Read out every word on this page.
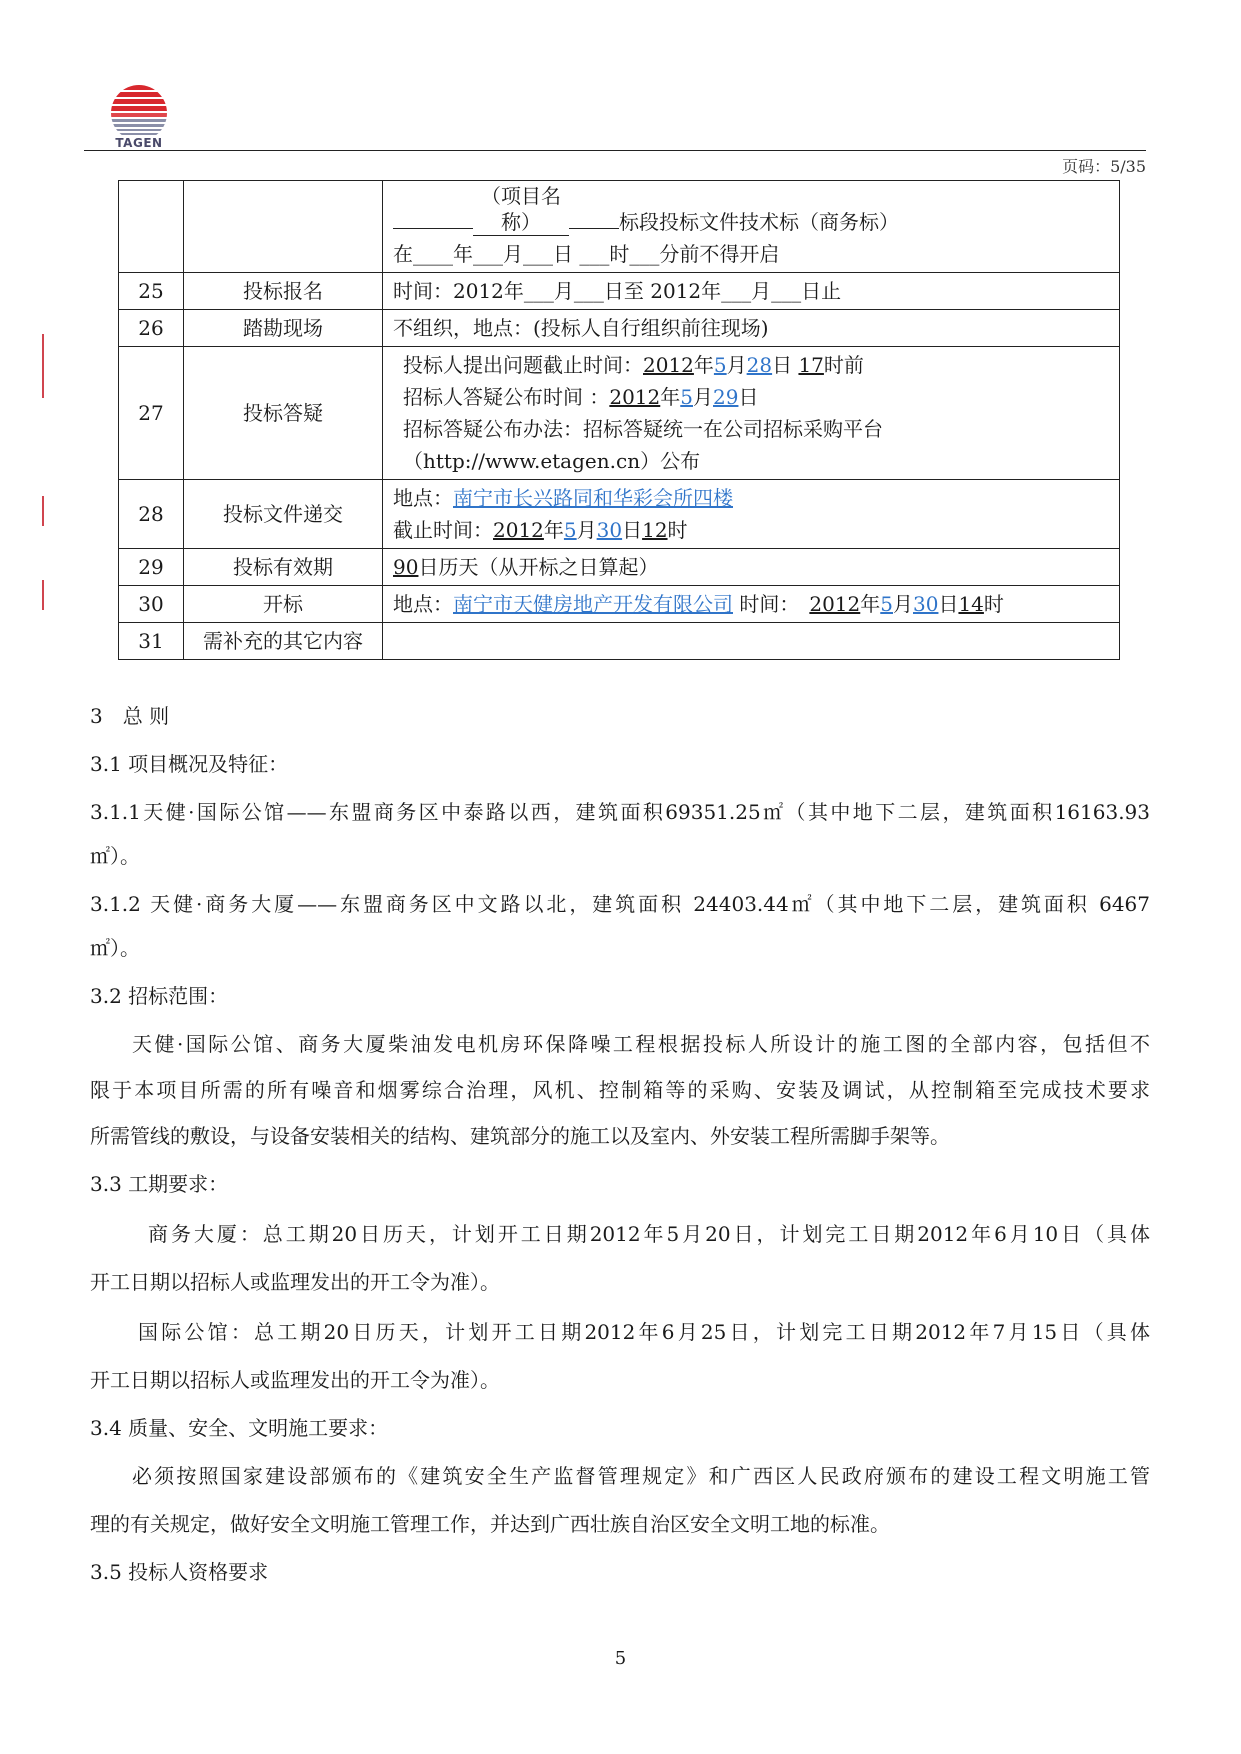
TAGEN
页码：5/35

		（项目名称） 标段投标文件技术标（商务标）
在____年___月___日 ___时___分前不得开启

25	投标报名	时间：2012年___月___日至 2012年___月___日止
26	踏勘现场	不组织，地点：(投标人自行组织前往现场)
27	投标答疑	投标人提出问题截止时间：2012年5月28日 17时前
招标人答疑公布时间 ：2012年5月29日
招标答疑公布办法：招标答疑统一在公司招标采购平台
（http://www.etagen.cn）公布

28	投标文件递交	地点：南宁市长兴路同和华彩会所四楼
截止时间：2012年5月30日12时

29	投标有效期	90日历天（从开标之日算起）
30	开标	地点：南宁市天健房地产开发有限公司 时间：　 2012年5月30日14时
31	需补充的其它内容	
3　总 则
3.1 项目概况及特征：
3.1.1天健·国际公馆——东盟商务区中泰路以西，建筑面积69351.25㎡（其中地下二层，建筑面积16163.93
㎡）。
3.1.2 天健·商务大厦——东盟商务区中文路以北，建筑面积 24403.44㎡（其中地下二层，建筑面积 6467
㎡）。
3.2 招标范围：
天健·国际公馆、商务大厦柴油发电机房环保降噪工程根据投标人所设计的施工图的全部内容，包括但不
限于本项目所需的所有噪音和烟雾综合治理，风机、控制箱等的采购、安装及调试，从控制箱至完成技术要求
所需管线的敷设，与设备安装相关的结构、建筑部分的施工以及室内、外安装工程所需脚手架等。
3.3 工期要求：
商务大厦：总工期20日历天，计划开工日期2012年5月20日，计划完工日期2012年6月10日（具体
开工日期以招标人或监理发出的开工令为准）。
国际公馆：总工期20日历天，计划开工日期2012年6月25日，计划完工日期2012年7月15日（具体
开工日期以招标人或监理发出的开工令为准）。
3.4 质量、安全、文明施工要求：
必须按照国家建设部颁布的《建筑安全生产监督管理规定》和广西区人民政府颁布的建设工程文明施工管
理的有关规定，做好安全文明施工管理工作，并达到广西壮族自治区安全文明工地的标准。
3.5 投标人资格要求
5
